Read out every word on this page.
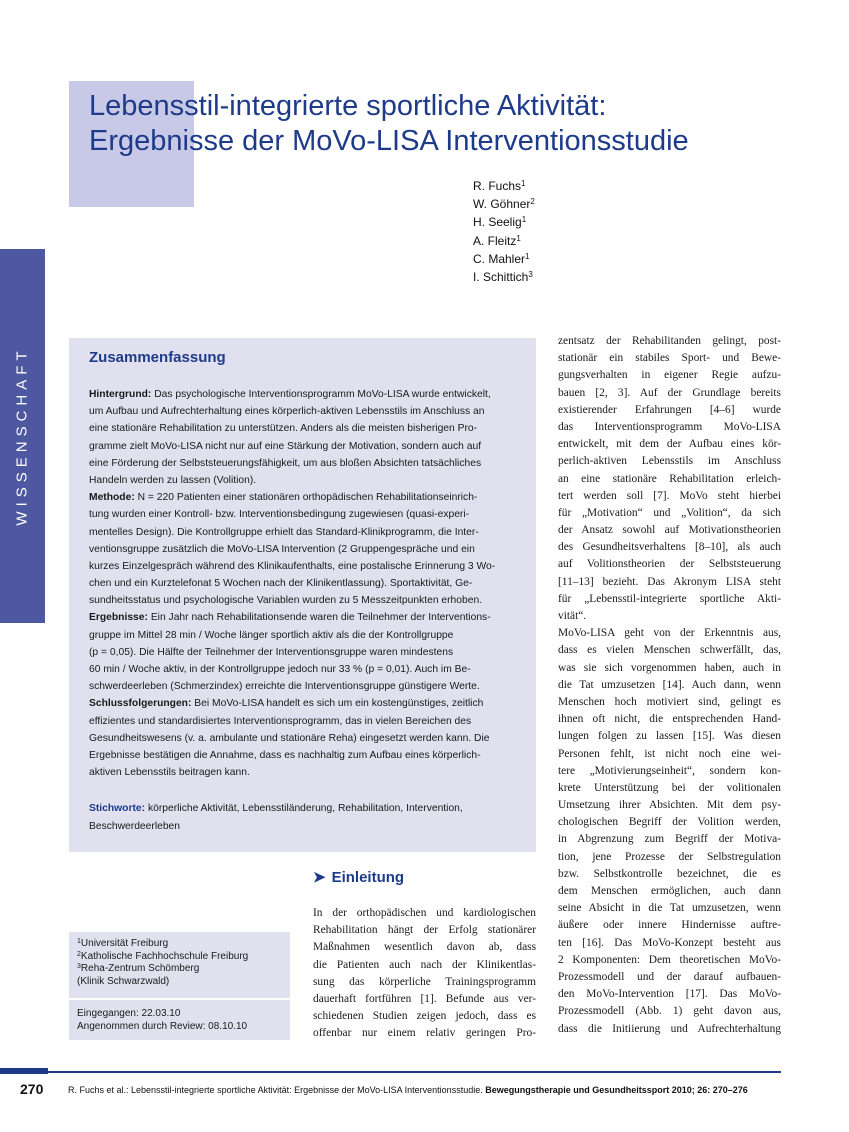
Lebensstil-integrierte sportliche Aktivität:
Ergebnisse der MoVo-LISA Interventionsstudie
R. Fuchs$^1$
W. Göhner$^2$
H. Seelig$^1$
A. Fleitz$^1$
C. Mahler$^1$
I. Schittich$^3$
WISSENSCHAFT	Zusammenfassung
Hintergrund: Das psychologische Interventionsprogramm MoVo-LISA wurde entwickelt,
um Aufbau und Aufrechterhaltung eines körperlich-aktiven Lebensstils im Anschluss an
eine stationäre Rehabilitation zu unterstützen. Anders als die meisten bisherigen Pro-
gramme zielt MoVo-LISA nicht nur auf eine Stärkung der Motivation, sondern auch auf
eine Förderung der Selbststeuerungsfähigkeit, um aus bloßen Absichten tatsächliches
Handeln werden zu lassen (Volition).
Methode: N = 220 Patienten einer stationären orthopädischen Rehabilitationseinrich-
tung wurden einer Kontroll- bzw. Interventionsbedingung zugewiesen (quasi-experi-
mentelles Design). Die Kontrollgruppe erhielt das Standard-Klinikprogramm, die Inter-
ventionsgruppe zusätzlich die MoVo-LISA Intervention (2 Gruppengespräche und ein
kurzes Einzelgespräch während des Klinikaufenthalts, eine postalische Erinnerung 3 Wo-
chen und ein Kurztelefonat 5 Wochen nach der Klinikentlassung). Sportaktivität, Ge-
sundheitsstatus und psychologische Variablen wurden zu 5 Messzeitpunkten erhoben.
Ergebnisse: Ein Jahr nach Rehabilitationsende waren die Teilnehmer der Interventions-
gruppe im Mittel 28 min / Woche länger sportlich aktiv als die der Kontrollgruppe
(p = 0,05). Die Hälfte der Teilnehmer der Interventionsgruppe waren mindestens
60 min / Woche aktiv, in der Kontrollgruppe jedoch nur 33 % (p = 0,01). Auch im Be-
schwerdeerleben (Schmerzindex) erreichte die Interventionsgruppe günstigere Werte.
Schlussfolgerungen: Bei MoVo-LISA handelt es sich um ein kostengünstiges, zeitlich
effizientes und standardisiertes Interventionsprogramm, das in vielen Bereichen des
Gesundheitswesens (v. a. ambulante und stationäre Reha) eingesetzt werden kann. Die
Ergebnisse bestätigen die Annahme, dass es nachhaltig zum Aufbau eines körperlich-
aktiven Lebensstils beitragen kann.
Stichworte: körperliche Aktivität, Lebensstiländerung, Rehabilitation, Intervention,
Beschwerdeerleben
$^1$Universität Freiburg
$^2$Katholische Fachhochschule Freiburg
$^3$Reha-Zentrum Schömberg
(Klinik Schwarzwald)
Eingegangen: 22.03.10
Angenommen durch Review: 08.10.10
➤ Einleitung
In der orthopädischen und kardiologischen
Rehabilitation hängt der Erfolg stationärer
Maßnahmen wesentlich davon ab, dass
die Patienten auch nach der Klinikentlas-
sung das körperliche Trainingsprogramm
dauerhaft fortführen [1]. Befunde aus ver-
schiedenen Studien zeigen jedoch, dass es
offenbar nur einem relativ geringen Pro-
zentsatz der Rehabilitanden gelingt, post-
stationär ein stabiles Sport- und Bewe-
gungsverhalten in eigener Regie aufzu-
bauen [2, 3]. Auf der Grundlage bereits
existierender Erfahrungen [4–6] wurde
das Interventionsprogramm MoVo-LISA
entwickelt, mit dem der Aufbau eines kör-
perlich-aktiven Lebensstils im Anschluss
an eine stationäre Rehabilitation erleich-
tert werden soll [7]. MoVo steht hierbei
für „Motivation“ und „Volition“, da sich
der Ansatz sowohl auf Motivationstheorien
des Gesundheitsverhaltens [8–10], als auch
auf Volitionstheorien der Selbststeuerung
[11–13] bezieht. Das Akronym LISA steht
für „Lebensstil-integrierte sportliche Akti-
vität“.
MoVo-LISA geht von der Erkenntnis aus,
dass es vielen Menschen schwerfällt, das,
was sie sich vorgenommen haben, auch in
die Tat umzusetzen [14]. Auch dann, wenn
Menschen hoch motiviert sind, gelingt es
ihnen oft nicht, die entsprechenden Hand-
lungen folgen zu lassen [15]. Was diesen
Personen fehlt, ist nicht noch eine wei-
tere „Motivierungseinheit“, sondern kon-
krete Unterstützung bei der volitionalen
Umsetzung ihrer Absichten. Mit dem psy-
chologischen Begriff der Volition werden,
in Abgrenzung zum Begriff der Motiva-
tion, jene Prozesse der Selbstregulation
bzw. Selbstkontrolle bezeichnet, die es
dem Menschen ermöglichen, auch dann
seine Absicht in die Tat umzusetzen, wenn
äußere oder innere Hindernisse auftre-
ten [16]. Das MoVo-Konzept besteht aus
2 Komponenten: Dem theoretischen MoVo-
Prozessmodell und der darauf aufbauen-
den MoVo-Intervention [17]. Das MoVo-
Prozessmodell (Abb. 1) geht davon aus,
dass die Initiierung und Aufrechterhaltung
270	R. Fuchs et al.: Lebensstil-integrierte sportliche Aktivität: Ergebnisse der MoVo-LISA Interventionsstudie. Bewegungstherapie und Gesundheitssport 2010; 26: 270–276
